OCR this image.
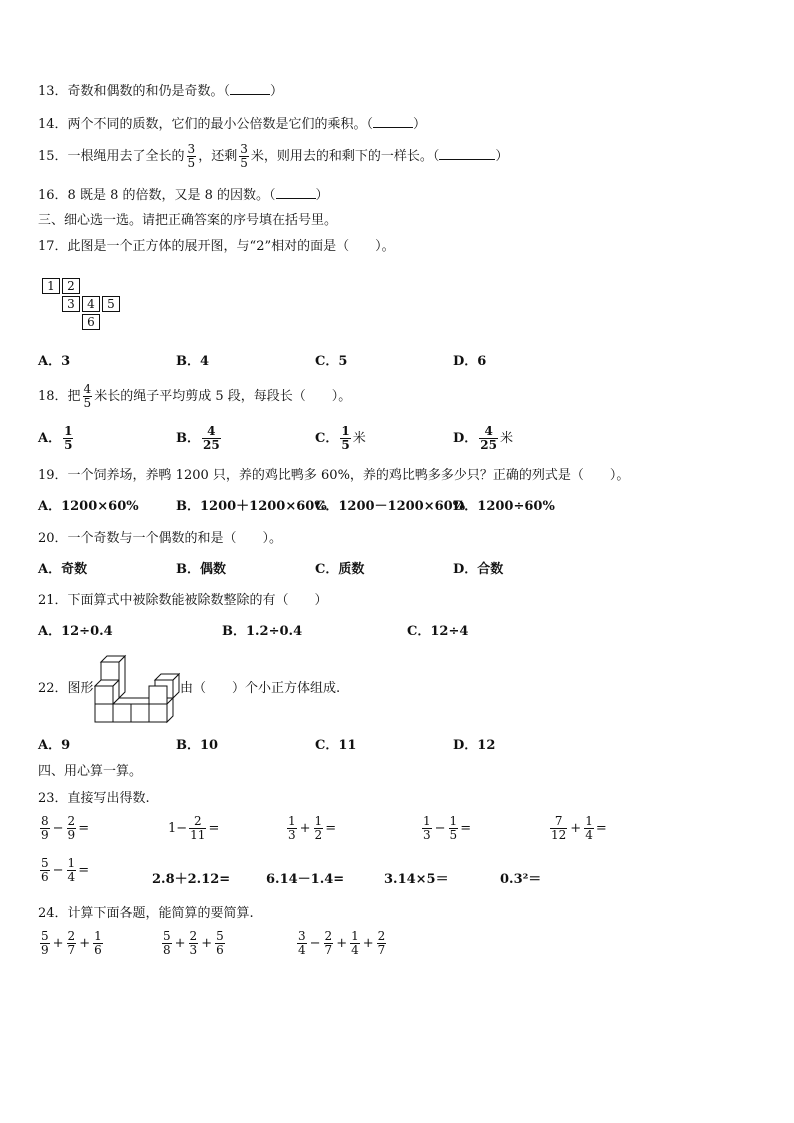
13．奇数和偶数的和仍是奇数。（	）
14．两个不同的质数，它们的最小公倍数是它们的乘积。（	）
15．一根绳用去了全长的 $\frac{3}{5}$ ，还剩 $\frac{3}{5}$ 米，则用去的和剩下的一样长。（	）
16．8 既是 8 的倍数，又是 8 的因数。（	）
三、细心选一选。请把正确答案的序号填在括号里。
17．此图是一个正方体的展开图，与“2”相对的面是（　　）。
1	2
3	4	5
6
A．3	B．4	C．5	D．6
18．把 $\frac{4}{5}$ 米长的绳子平均剪成 5 段，每段长（　　）。
A． $\frac{1}{5}$	B． $\frac{4}{25}$	C． $\frac{1}{5}$ 米	D． $\frac{4}{25}$ 米
19．一个饲养场，养鸭 1200 只，养的鸡比鸭多 60%，养的鸡比鸭多多少只？正确的列式是（　　）。
A．1200×60%	B．1200＋1200×60%
C．1200－1200×60%
D．1200÷60%
20．一个奇数与一个偶数的和是（　　）。
A．奇数	B．偶数	C．质数	D．合数
21．下面算式中被除数能被除数整除的有（　　）
A．12÷0.4	B．1.2÷0.4	C．12÷4
22．图形	由（　　）个小正方体组成.
A．9	B．10	C．11	D．12
四、用心算一算。
23．直接写出得数.
$\frac{8}{9} - \frac{2}{9}$ =	$1- \frac{2}{11}$ =	$\frac{1}{3} + \frac{1}{2}$ =	$\frac{1}{3} - \frac{1}{5}$ =	$\frac{7}{12} + \frac{1}{4}$ =
$\frac{5}{6} - \frac{1}{4}$ =
2.8＋2.12=	6.14－1.4=	3.14×5＝	0.3²＝
24．计算下面各题，能简算的要简算.
$\frac{5}{9} + \frac{2}{7} + \frac{1}{6}$	$\frac{5}{8} + \frac{2}{3} + \frac{5}{6}$	$\frac{3}{4} - \frac{2}{7} + \frac{1}{4} + \frac{2}{7}$
